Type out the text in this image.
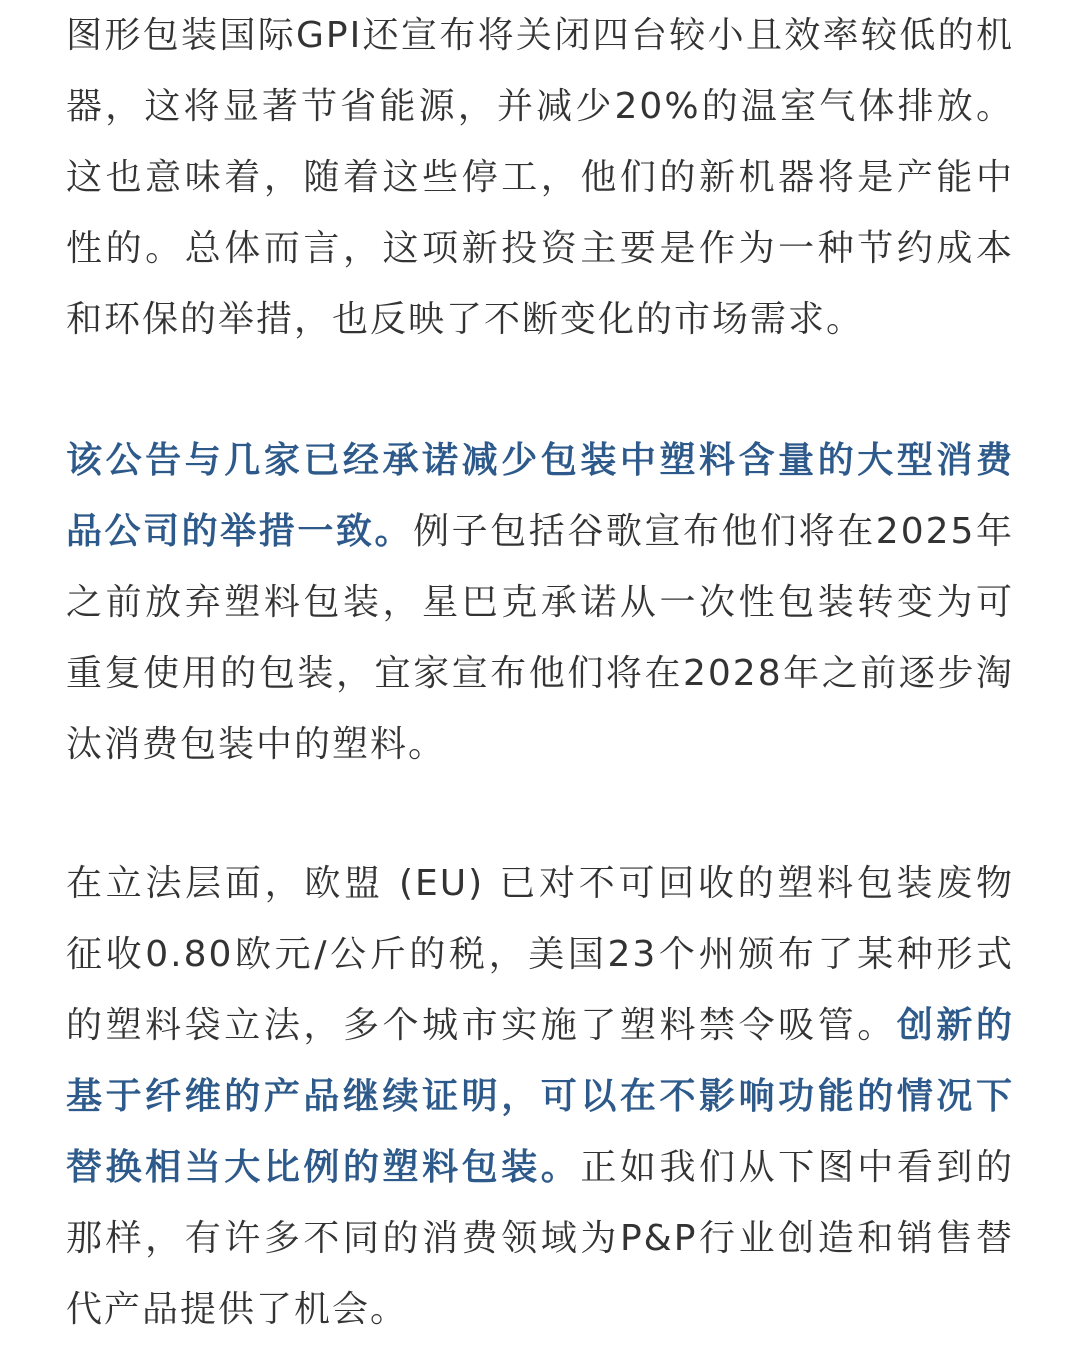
图形包装国际GPI还宣布将关闭四台较小且效率较低的机器，这将显著节省能源，并减少20%的温室气体排放。这也意味着，随着这些停工，他们的新机器将是产能中性的。总体而言，这项新投资主要是作为一种节约成本和环保的举措，也反映了不断变化的市场需求。

该公告与几家已经承诺减少包装中塑料含量的大型消费品公司的举措一致。例子包括谷歌宣布他们将在2025年之前放弃塑料包装，星巴克承诺从一次性包装转变为可重复使用的包装，宜家宣布他们将在2028年之前逐步淘汰消费包装中的塑料。

在立法层面，欧盟 (EU) 已对不可回收的塑料包装废物征收0.80欧元/公斤的税，美国23个州颁布了某种形式的塑料袋立法，多个城市实施了塑料禁令吸管。创新的基于纤维的产品继续证明，可以在不影响功能的情况下替换相当大比例的塑料包装。正如我们从下图中看到的那样，有许多不同的消费领域为P&P行业创造和销售替代产品提供了机会。
